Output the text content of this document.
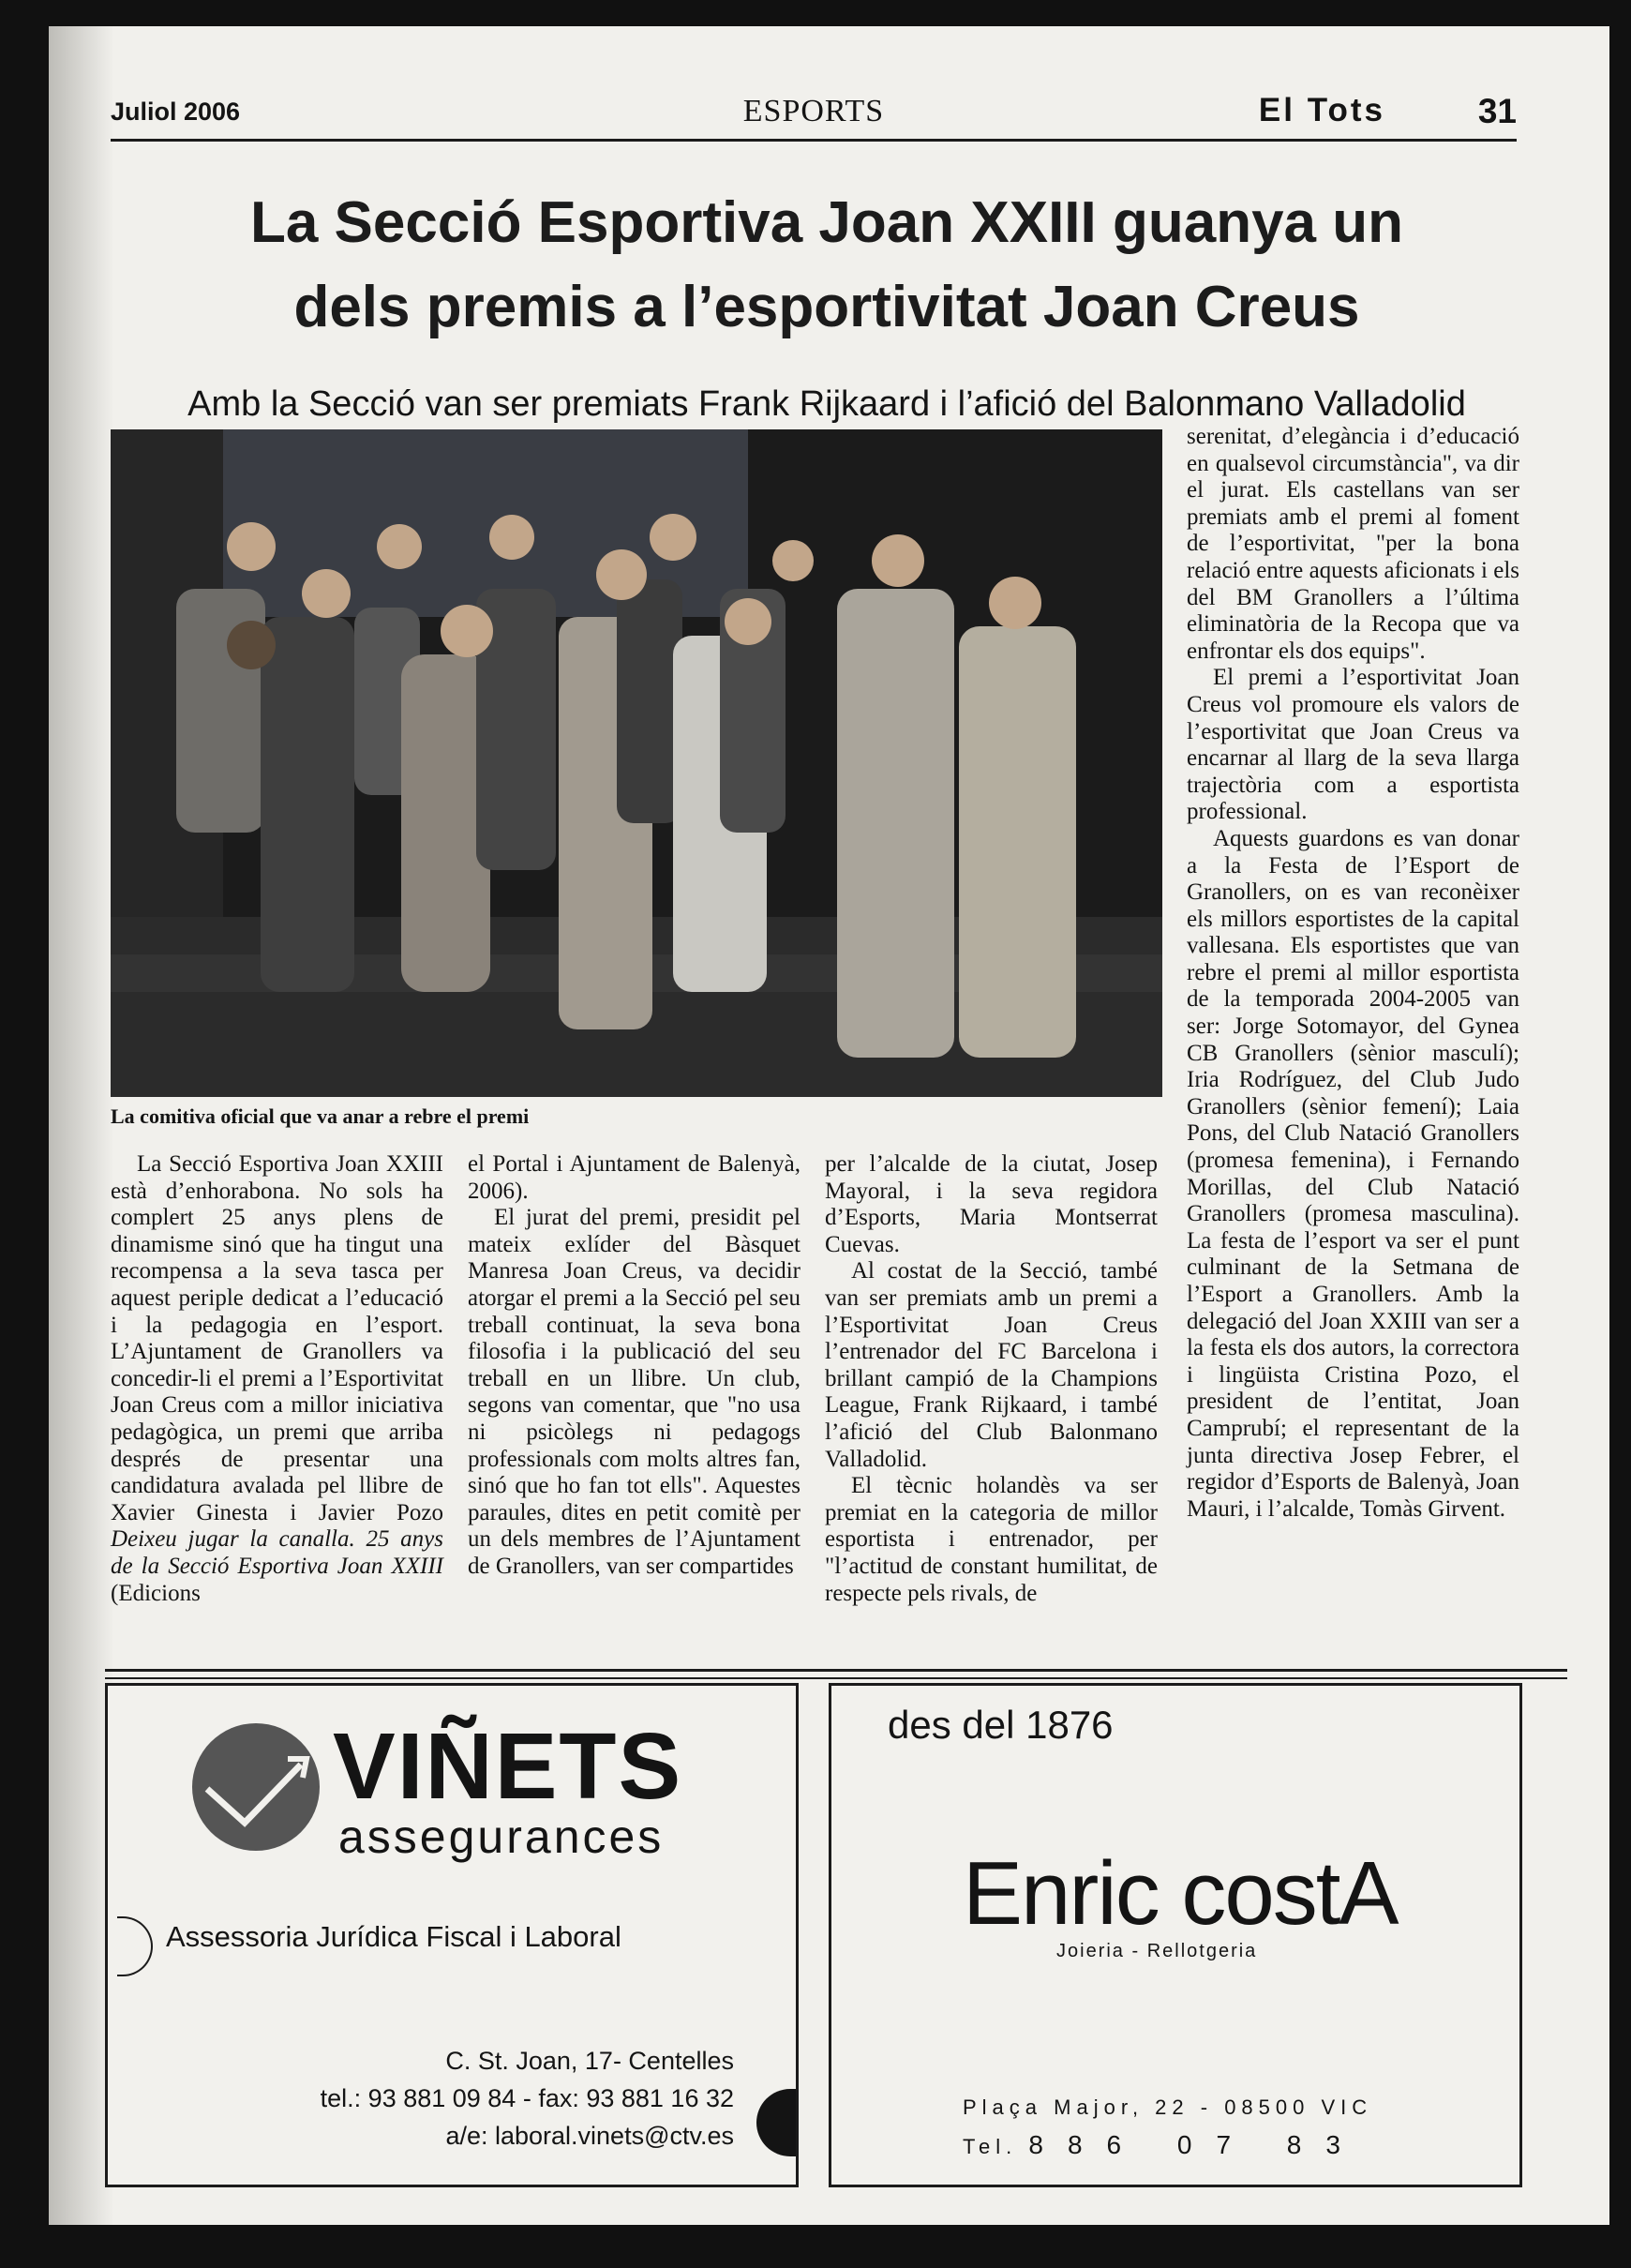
Juliol 2006	ESPORTS	El Tots	31
La Secció Esportiva Joan XXIII guanya un
dels premis a l’esportivitat Joan Creus
Amb la Secció van ser premiats Frank Rijkaard i l’afició del Balonmano Valladolid
La comitiva oficial que va anar a rebre el premi

La Secció Esportiva Joan XXIII està d’enhorabona. No sols ha complert 25 anys plens de dinamisme sinó que ha tingut una recompensa a la seva tasca per aquest periple dedicat a l’educació i la pedagogia en l’esport. L’Ajuntament de Granollers va concedir-li el premi a l’Esportivitat Joan Creus com a millor iniciativa pedagògica, un premi que arriba després de presentar una candidatura avalada pel llibre de Xavier Ginesta i Javier Pozo Deixeu jugar la canalla. 25 anys de la Secció Esportiva Joan XXIII (Edicions

el Portal i Ajuntament de Balenyà, 2006).

El jurat del premi, presidit pel mateix exlíder del Bàsquet Manresa Joan Creus, va decidir atorgar el premi a la Secció pel seu treball continuat, la seva bona filosofia i la publicació del seu treball en un llibre. Un club, segons van comentar, que "no usa ni psicòlegs ni pedagogs professionals com molts altres fan, sinó que ho fan tot ells". Aquestes paraules, dites en petit comitè per un dels membres de l’Ajuntament de Granollers, van ser compartides

per l’alcalde de la ciutat, Josep Mayoral, i la seva regidora d’Esports, Maria Montserrat Cuevas.

Al costat de la Secció, també van ser premiats amb un premi a l’Esportivitat Joan Creus l’entrenador del FC Barcelona i brillant campió de la Champions League, Frank Rijkaard, i també l’afició del Club Balonmano Valladolid.

El tècnic holandès va ser premiat en la categoria de millor esportista i entrenador, per "l’actitud de constant humilitat, de respecte pels rivals, de

serenitat, d’elegància i d’educació en qualsevol circumstància", va dir el jurat. Els castellans van ser premiats amb el premi al foment de l’esportivitat, "per la bona relació entre aquests aficionats i els del BM Granollers a l’última eliminatòria de la Recopa que va enfrontar els dos equips".

El premi a l’esportivitat Joan Creus vol promoure els valors de l’esportivitat que Joan Creus va encarnar al llarg de la seva llarga trajectòria com a esportista professional.

Aquests guardons es van donar a la Festa de l’Esport de Granollers, on es van reconèixer els millors esportistes de la capital vallesana. Els esportistes que van rebre el premi al millor esportista de la temporada 2004-2005 van ser: Jorge Sotomayor, del Gynea CB Granollers (sènior masculí); Iria Rodríguez, del Club Judo Granollers (sènior femení); Laia Pons, del Club Natació Granollers (promesa femenina), i Fernando Morillas, del Club Natació Granollers (promesa masculina). La festa de l’esport va ser el punt culminant de la Setmana de l’Esport a Granollers. Amb la delegació del Joan XXIII van ser a la festa els dos autors, la correctora i lingüista Cristina Pozo, el president de l’entitat, Joan Camprubí; el representant de la junta directiva Josep Febrer, el regidor d’Esports de Balenyà, Joan Mauri, i l’alcalde, Tomàs Girvent.

VIÑETS
assegurances
Assessoria Jurídica Fiscal i Laboral
C. St. Joan, 17- Centelles
tel.: 93 881 09 84 - fax: 93 881 16 32
a/e: laboral.vinets@ctv.es
des del 1876
Enric costA
Joieria - Rellotgeria
Plaça Major, 22 - 08500 VIC
Tel. 886 07 83
